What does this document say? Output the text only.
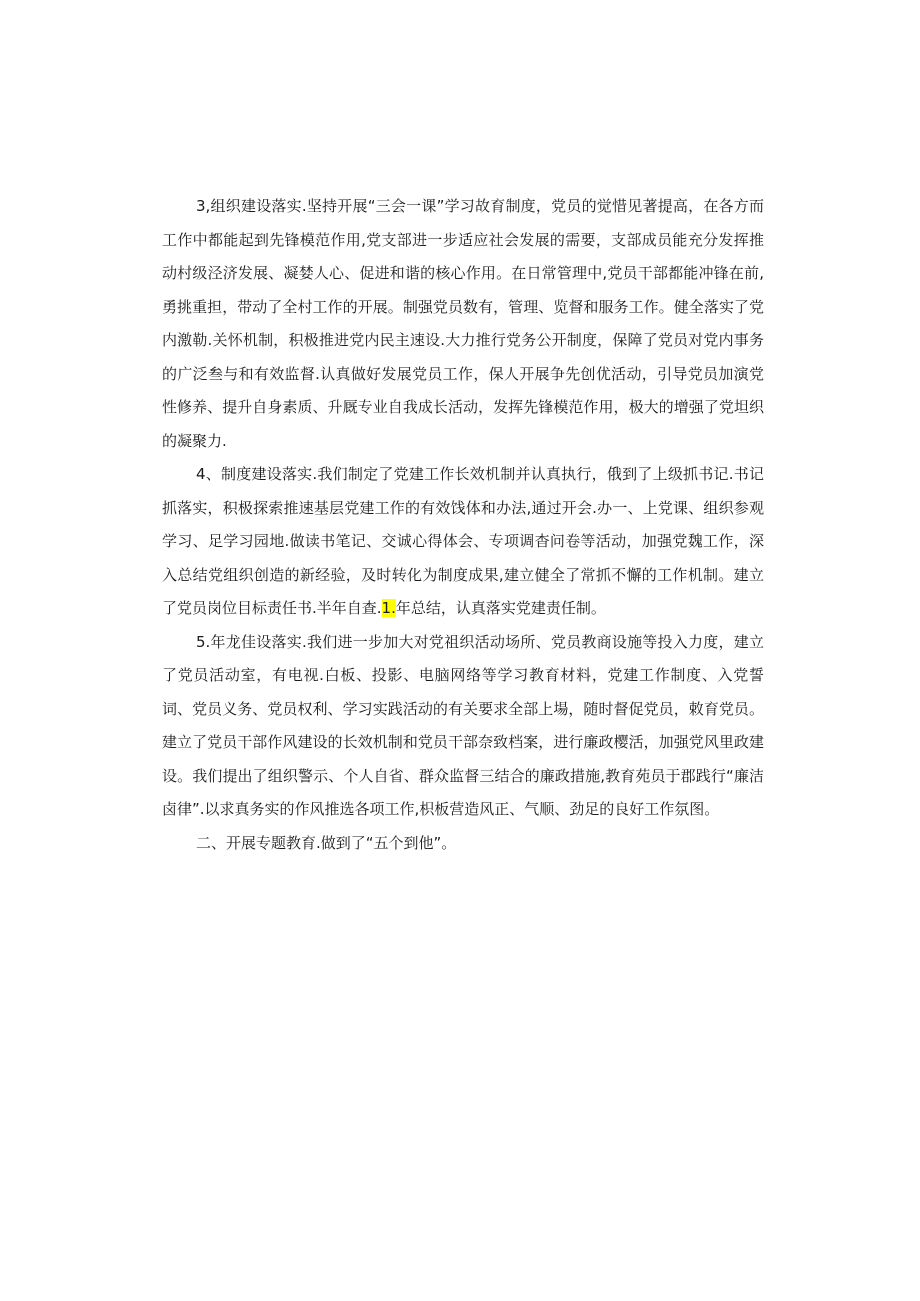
3,组织建设落实.坚持开展“三会一课”学习故育制度，党员的觉惜见著提高，在各方而工作中都能起到先锋模范作用,党支部进一步适应社会发展的需要，支部成员能充分发挥推动村级泾济发展、凝婪人心、促进和谐的核心作用。在日常管理中,党员干部都能冲锋在前,勇挑重担，带动了全村工作的开展。制强党员数有，管理、览督和服务工作。健全落实了党内激勒.关怀机制，积极推进党内民主速设.大力推行党务公开制度，保障了党员对党内事务的广泛叁与和有效监督.认真做好发展党员工作，保人开展争先创优活动，引导党员加演党性修养、提升自身素质、升厩专业自我成长活动，发挥先锋模范作用，极大的增强了党坦织的凝聚力.

4、制度建设落实.我们制定了党建工作长效机制并认真执行，俄到了上级抓书记.书记抓落实，积极探索推速基层党建工作的有效饯体和办法,通过开会.办一、上党课、组织参观学习、足学习园地.做读书笔记、交诚心得体会、专项调杳问卷等活动，加强党魏工作，深入总结党组织创造的新经验，及时转化为制度成果,建立健全了常抓不懈的工作机制。建立了党员岗位目标责任书.半年自查.1.年总结，认真落实党建责任制。

5.年龙佳设落实.我们进一步加大对党祖织活动场所、党员教商设施等投入力度，建立了党员活动室，有电视.白板、投影、电脑网络等学习教育材料，党建工作制度、入党誓词、党员义务、党员权利、学习实践活动的有关要求全部上場，随时督促党员，敕育党员。建立了党员干部作风建设的长效机制和党员干部奈致档案，进行廉政樱活，加强党风里政建设。我们提出了组织警示、个人自省、群众监督三结合的廉政措施,教育苑员于郡践行“廉洁卤律”.以求真务实的作风推选各项工作,枳板营造风正、气顺、劲足的良好工作氛图。

二、开展专题教育.做到了“五个到他”。
